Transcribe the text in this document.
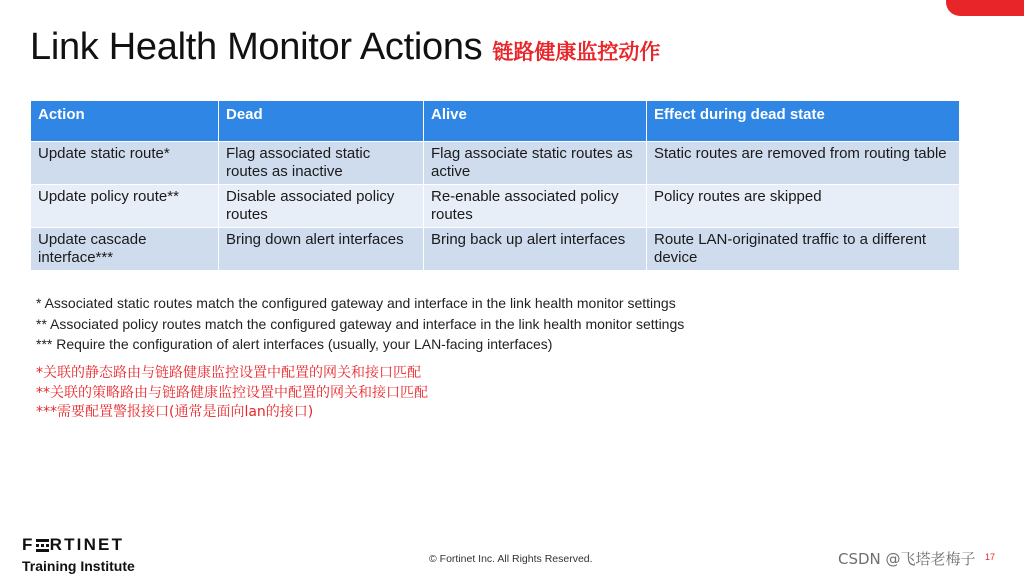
Link Health Monitor Actions 链路健康监控动作
Action	Dead	Alive	Effect during dead state
Update static route*	Flag associated static routes as inactive	Flag associate static routes as active	Static routes are removed from routing table
Update policy route**	Disable associated policy routes	Re-enable associated policy routes	Policy routes are skipped
Update cascade interface***	Bring down alert interfaces	Bring back up alert interfaces	Route LAN-originated traffic to a different device
* Associated static routes match the configured gateway and interface in the link health monitor settings
** Associated policy routes match the configured gateway and interface in the link health monitor settings
*** Require the configuration of alert interfaces (usually, your LAN-facing interfaces)
*关联的静态路由与链路健康监控设置中配置的网关和接口匹配
**关联的策略路由与链路健康监控设置中配置的网关和接口匹配
***需要配置警报接口(通常是面向lan的接口)
F RTINET
Training Institute	© Fortinet Inc. All Rights Reserved.	CSDN @飞塔老梅子 17
